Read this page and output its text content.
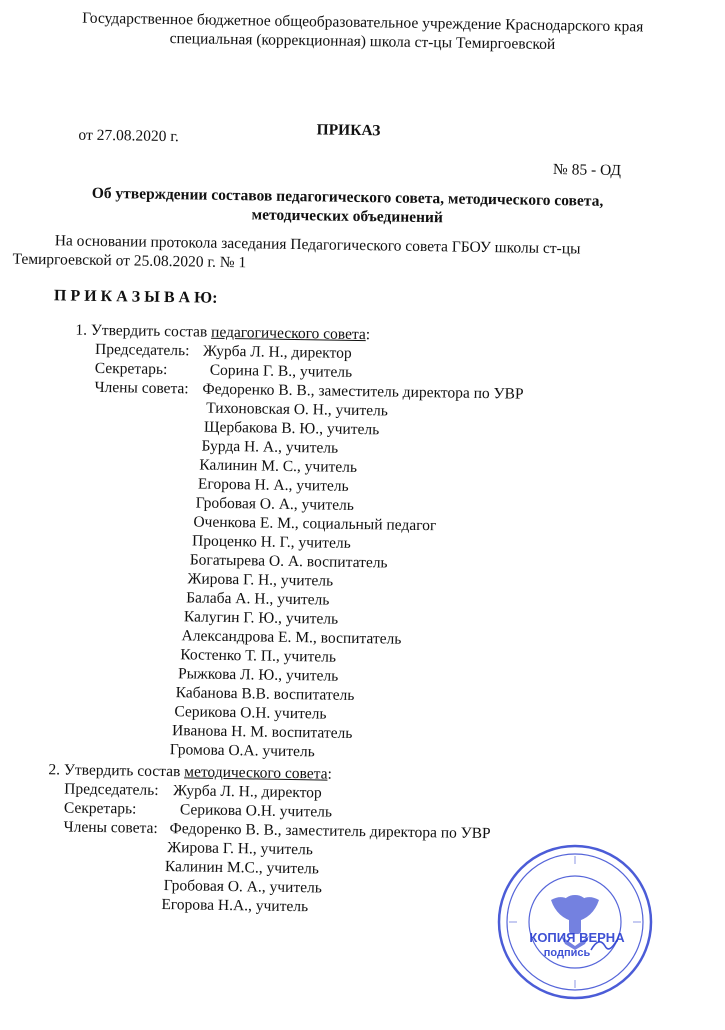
Государственное бюджетное общеобразовательное учреждение Краснодарского края
специальная (коррекционная) школа ст-цы Темиргоевской
от 27.08.2020 г.	ПРИКАЗ
№ 85 - ОД
Об утверждении составов педагогического совета, методического совета,
методических объединений
На основании протокола заседания Педагогического совета ГБОУ школы ст-цы
Темиргоевской от 25.08.2020 г. № 1
П Р И К А З Ы В А Ю:
1. Утвердить состав педагогического совета:
Председатель: Журба Л. Н., директор
Секретарь:	Сорина Г. В., учитель
Члены совета: Федоренко В. В., заместитель директора по УВР
Тихоновская О. Н., учитель
Щербакова В. Ю., учитель
Бурда Н. А., учитель
Калинин М. С., учитель
Егорова Н. А., учитель
Гробовая О. А., учитель
Оченкова Е. М., социальный педагог
Проценко Н. Г., учитель
Богатырева О. А. воспитатель
Жирова Г. Н., учитель
Балаба А. Н., учитель
Калугин Г. Ю., учитель
Александрова Е. М., воспитатель
Костенко Т. П., учитель
Рыжкова Л. Ю., учитель
Кабанова В.В. воспитатель
Серикова О.Н. учитель
Иванова Н. М. воспитатель
Громова О.А. учитель
2. Утвердить состав методического совета:
Председатель: Журба Л. Н., директор
Секретарь:	Серикова О.Н. учитель
Члены совета: Федоренко В. В., заместитель директора по УВР
Жирова Г. Н., учитель
Калинин М.С., учитель
Гробовая О. А., учитель
Егорова Н.А., учитель
КОПИЯ ВЕРНА
подпись
